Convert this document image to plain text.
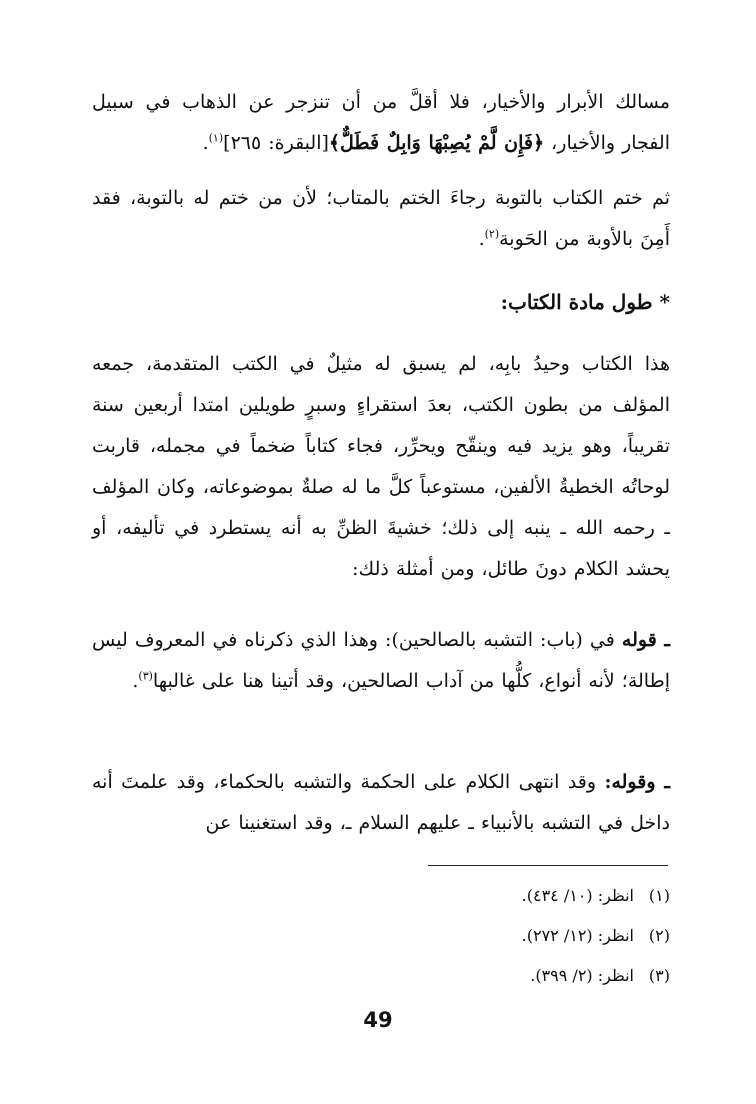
مسالك الأبرار والأخيار، فلا أقلَّ من أن تنزجر عن الذهاب في سبيل الفجار والأخيار، ﴿فَإِن لَّمْ يُصِبْهَا وَابِلٌ فَطَلٌّ﴾[البقرة: ٢٦٥]$^{(١)}$.

ثم ختم الكتاب بالتوبة رجاءَ الختم بالمتاب؛ لأن من ختم له بالتوبة، فقد أَمِنَ بالأوبة من الحَوبة$^{(٢)}$.

* طول مادة الكتاب:

هذا الكتاب وحيدُ بابِه، لم يسبق له مثيلٌ في الكتب المتقدمة، جمعه المؤلف من بطون الكتب، بعدَ استقراءٍ وسبرٍ طويلين امتدا أربعين سنة تقريباً، وهو يزيد فيه وينقّح ويحرِّر، فجاء كتاباً ضخماً في مجمله، قاربت لوحاتُه الخطيةُ الألفين، مستوعباً كلَّ ما له صلةٌ بموضوعاته، وكان المؤلف ـ رحمه الله ـ ينبه إلى ذلك؛ خشيةَ الظنِّ به أنه يستطرد في تأليفه، أو يحشد الكلام دونَ طائل، ومن أمثلة ذلك:

ـ قوله في (باب: التشبه بالصالحين): وهذا الذي ذكرناه في المعروف ليس إطالة؛ لأنه أنواع، كلُّها من آداب الصالحين، وقد أتينا هنا على غالبها$^{(٣)}$.

ـ وقوله: وقد انتهى الكلام على الحكمة والتشبه بالحكماء، وقد علمتَ أنه داخل في التشبه بالأنبياء ـ عليهم السلام ـ، وقد استغنينا عن

(١)انظر: (١٠/ ٤٣٤).
(٢)انظر: (١٢/ ٢٧٢).
(٣)انظر: (٢/ ٣٩٩).
49
